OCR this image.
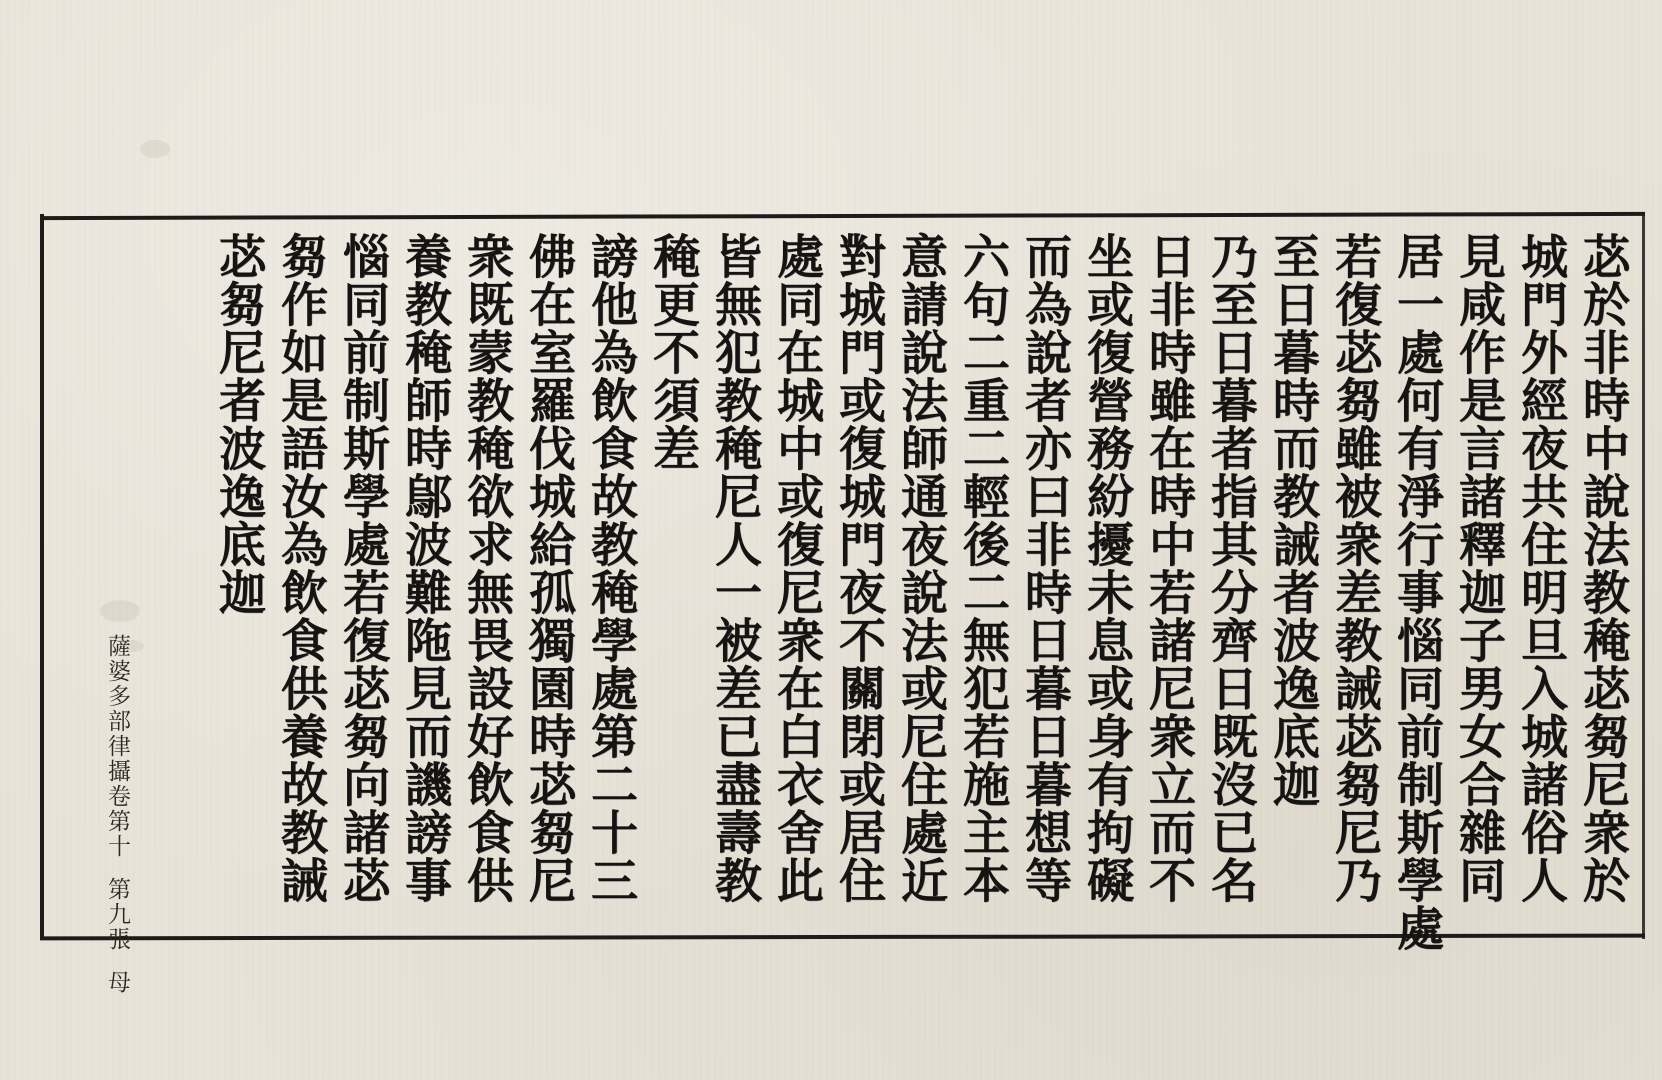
苾於非時中說法教䅖苾芻尼衆於
城門外經夜共住明旦入城諸俗人
見咸作是言諸釋迦子男女合雜同
居一處何有淨行事惱同前制斯學處
若復苾芻雖被衆差教誡苾芻尼乃
至日暮時而教誡者波逸底迦
乃至日暮者指其分齊日既沒已名
日非時雖在時中若諸尼衆立而不
坐或復營務紛擾未息或身有拘礙
而為說者亦曰非時日暮日暮想等
六句二重二輕後二無犯若施主本
意請說法師通夜說法或尼住處近
對城門或復城門夜不關閉或居住
處同在城中或復尼衆在白衣舍此
皆無犯教䅖尼人一被差已盡壽教
䅖更不須差
謗他為飲食故教䅖學處第二十三
佛在室羅伐城給孤獨園時苾芻尼
衆既蒙教䅖欲求無畏設好飲食供
養教䅖師時鄔波難陁見而譏謗事
惱同前制斯學處若復苾芻向諸苾
芻作如是語汝為飲食供養故教誡
苾芻尼者波逸底迦
薩婆多部律攝卷第十第九張母
